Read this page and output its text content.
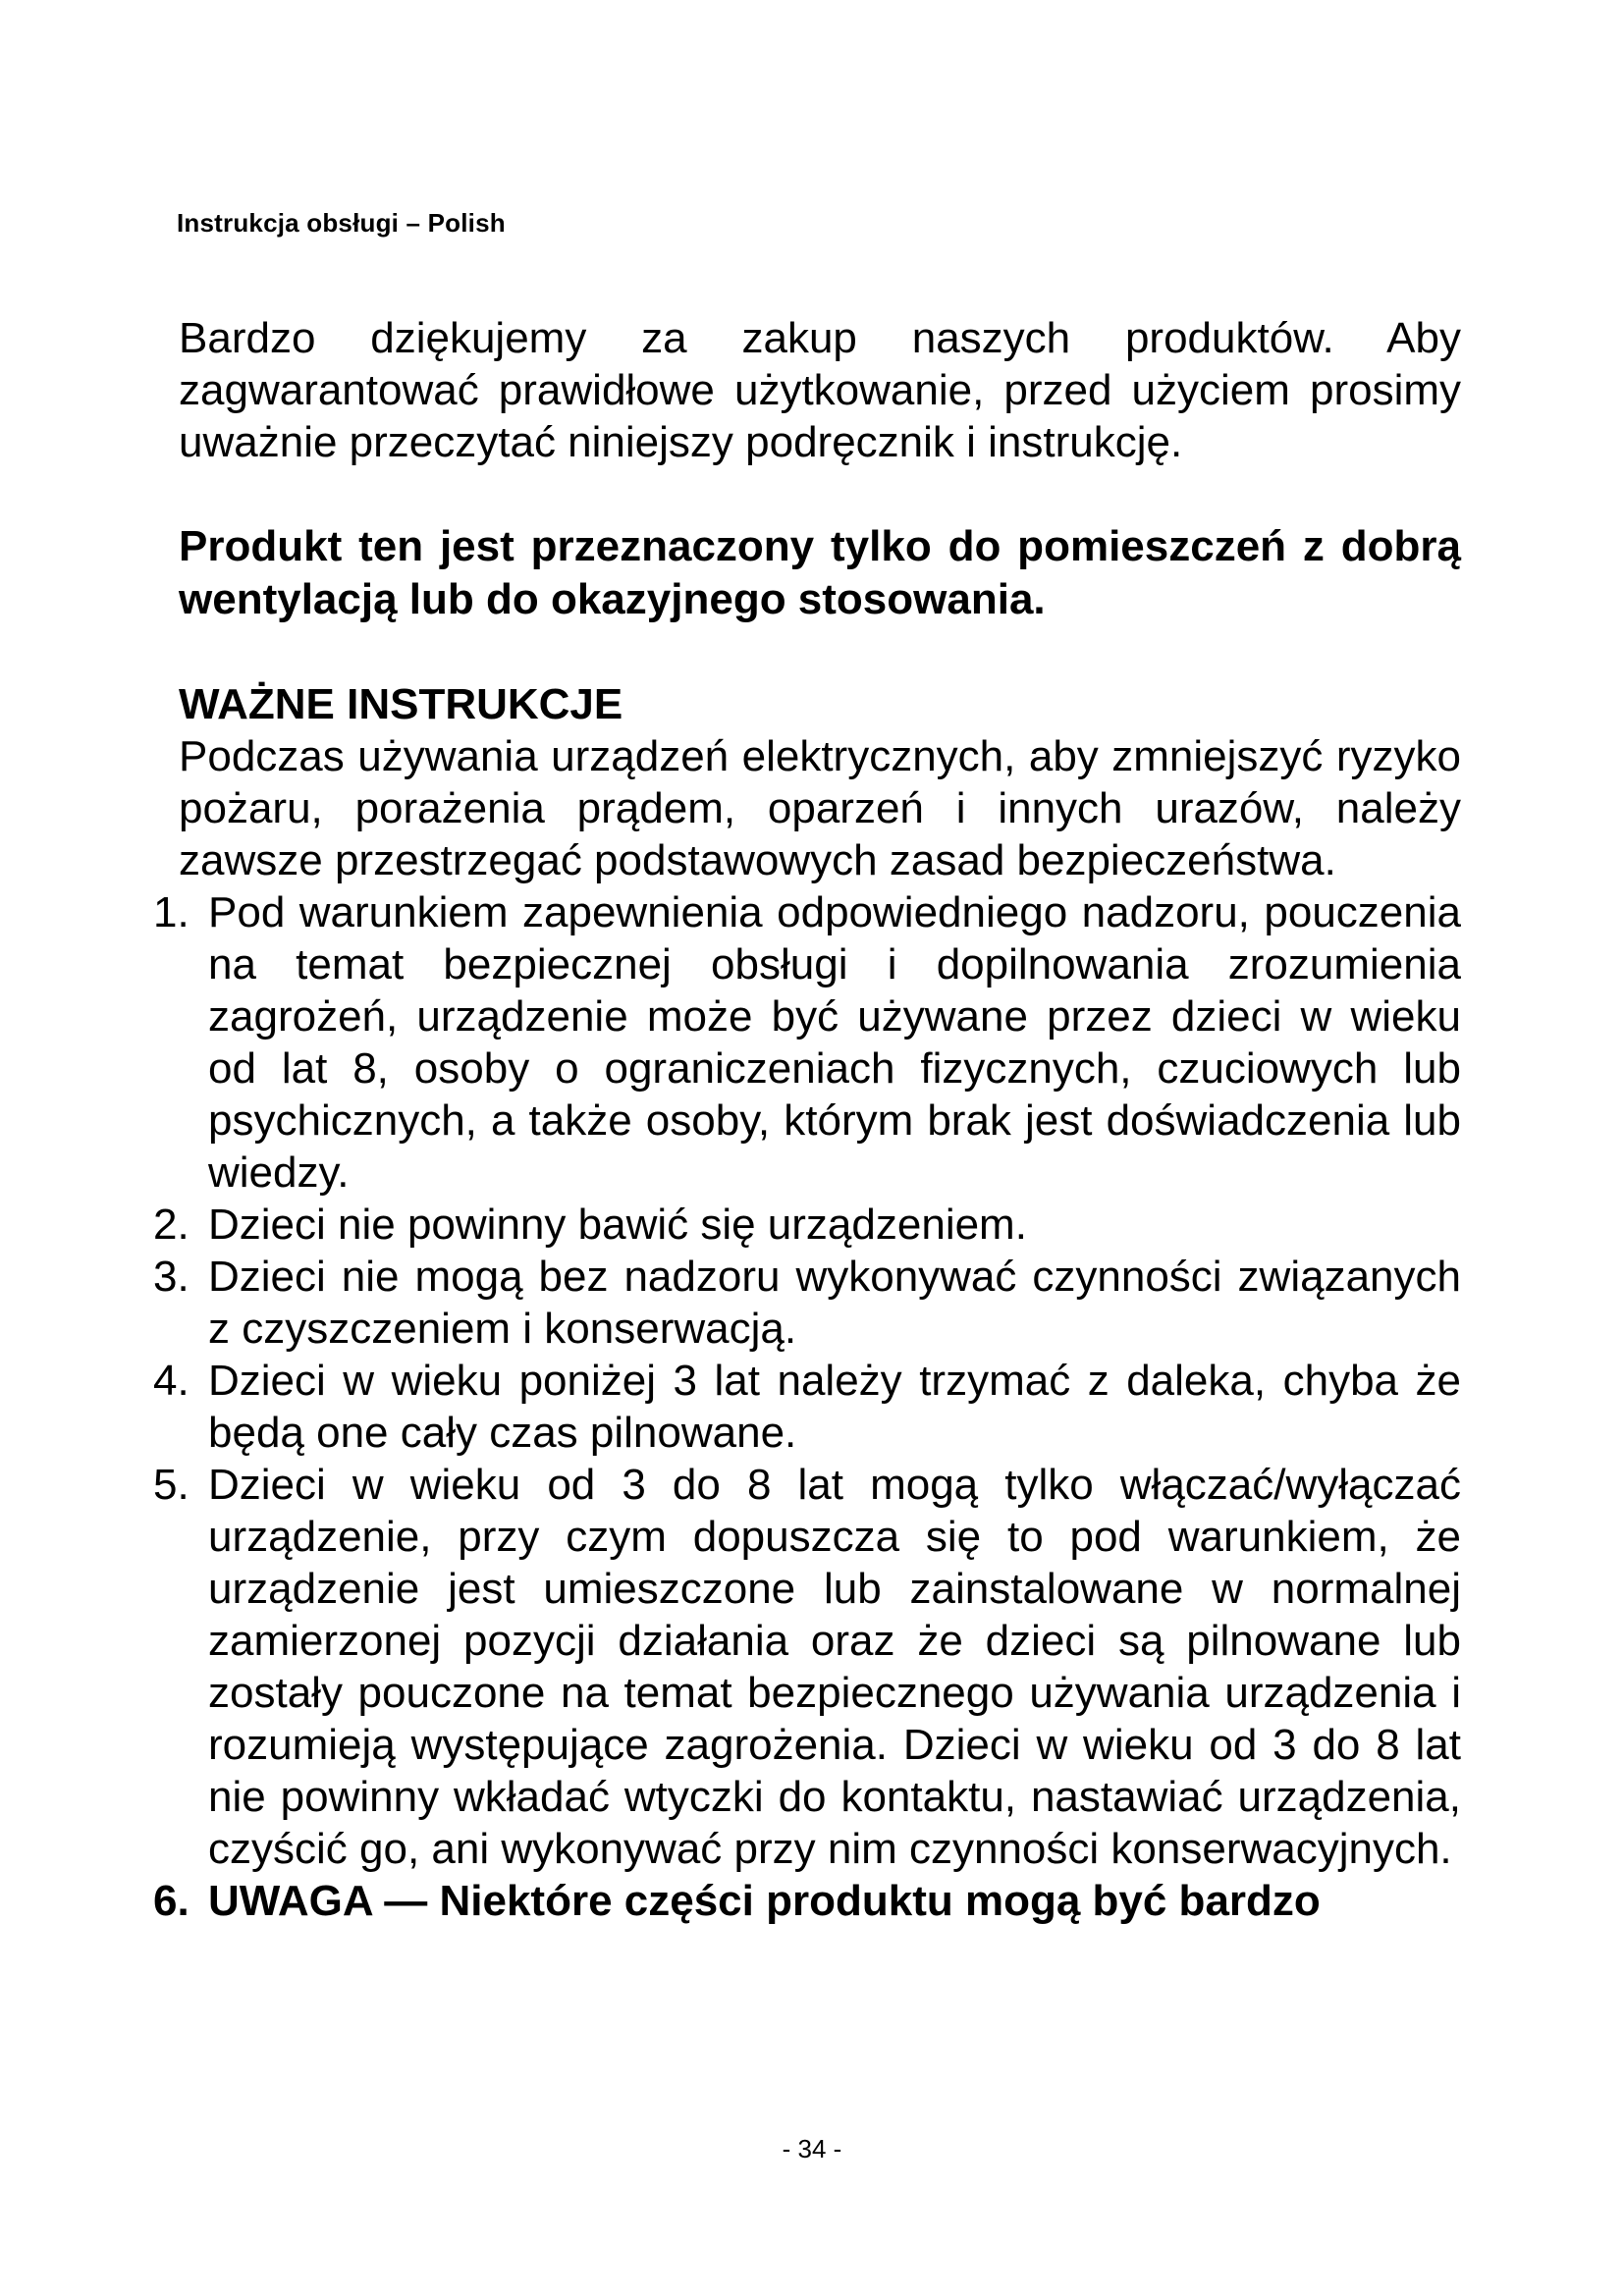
Instrukcja obsługi – Polish

Bardzo dziękujemy za zakup naszych produktów. Aby zagwarantować prawidłowe użytkowanie, przed użyciem prosimy uważnie przeczytać niniejszy podręcznik i instrukcję.

Produkt ten jest przeznaczony tylko do pomieszczeń z dobrą wentylacją lub do okazyjnego stosowania.

WAŻNE INSTRUKCJE

Podczas używania urządzeń elektrycznych, aby zmniejszyć ryzyko pożaru, porażenia prądem, oparzeń i innych urazów, należy zawsze przestrzegać podstawowych zasad bezpieczeństwa.

1. Pod warunkiem zapewnienia odpowiedniego nadzoru, pouczenia na temat bezpiecznej obsługi i dopilnowania zrozumienia zagrożeń, urządzenie może być używane przez dzieci w wieku od lat 8, osoby o ograniczeniach fizycznych, czuciowych lub psychicznych, a także osoby, którym brak jest doświadczenia lub wiedzy.
2. Dzieci nie powinny bawić się urządzeniem.
3. Dzieci nie mogą bez nadzoru wykonywać czynności związanych z czyszczeniem i konserwacją.
4. Dzieci w wieku poniżej 3 lat należy trzymać z daleka, chyba że będą one cały czas pilnowane.
5. Dzieci w wieku od 3 do 8 lat mogą tylko włączać/wyłączać urządzenie, przy czym dopuszcza się to pod warunkiem, że urządzenie jest umieszczone lub zainstalowane w normalnej zamierzonej pozycji działania oraz że dzieci są pilnowane lub zostały pouczone na temat bezpiecznego używania urządzenia i rozumieją występujące zagrożenia. Dzieci w wieku od 3 do 8 lat nie powinny wkładać wtyczki do kontaktu, nastawiać urządzenia, czyścić go, ani wykonywać przy nim czynności konserwacyjnych.
6. UWAGA — Niektóre części produktu mogą być bardzo
- 34 -
